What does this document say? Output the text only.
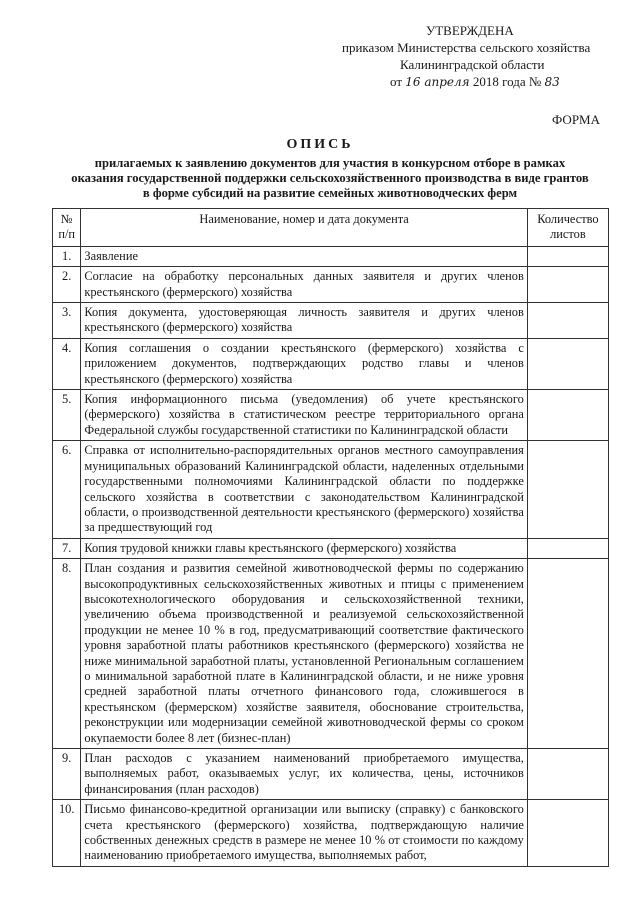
УТВЕРЖДЕНА
приказом Министерства сельского хозяйства
Калининградской области
от 16 апреля 2018 года № 83
ФОРМА
ОПИСЬ
прилагаемых к заявлению документов для участия в конкурсном отборе в рамках оказания государственной поддержки сельскохозяйственного производства в виде грантов в форме субсидий на развитие семейных животноводческих ферм
№ п/п	Наименование, номер и дата документа	Количество листов
1.	Заявление	
2.	Согласие на обработку персональных данных заявителя и других членов крестьянского (фермерского) хозяйства	
3.	Копия документа, удостоверяющая личность заявителя и других членов крестьянского (фермерского) хозяйства	
4.	Копия соглашения о создании крестьянского (фермерского) хозяйства с приложением документов, подтверждающих родство главы и членов крестьянского (фермерского) хозяйства	
5.	Копия информационного письма (уведомления) об учете крестьянского (фермерского) хозяйства в статистическом реестре территориального органа Федеральной службы государственной статистики по Калининградской области	
6.	Справка от исполнительно-распорядительных органов местного самоуправления муниципальных образований Калининградской области, наделенных отдельными государственными полномочиями Калининградской области по поддержке сельского хозяйства в соответствии с законодательством Калининградской области, о производственной деятельности крестьянского (фермерского) хозяйства за предшествующий год	
7.	Копия трудовой книжки главы крестьянского (фермерского) хозяйства	
8.	План создания и развития семейной животноводческой фермы по содержанию высокопродуктивных сельскохозяйственных животных и птицы с применением высокотехнологического оборудования и сельскохозяйственной техники, увеличению объема производственной и реализуемой сельскохозяйственной продукции не менее 10 % в год, предусматривающий соответствие фактического уровня заработной платы работников крестьянского (фермерского) хозяйства не ниже минимальной заработной платы, установленной Региональным соглашением о минимальной заработной плате в Калининградской области, и не ниже уровня средней заработной платы отчетного финансового года, сложившегося в крестьянском (фермерском) хозяйстве заявителя, обоснование строительства, реконструкции или модернизации семейной животноводческой фермы со сроком окупаемости более 8 лет (бизнес-план)	
9.	План расходов с указанием наименований приобретаемого имущества, выполняемых работ, оказываемых услуг, их количества, цены, источников финансирования (план расходов)	
10.	Письмо финансово-кредитной организации или выписку (справку) с банковского счета крестьянского (фермерского) хозяйства, подтверждающую наличие собственных денежных средств в размере не менее 10 % от стоимости по каждому наименованию приобретаемого имущества, выполняемых работ,	
